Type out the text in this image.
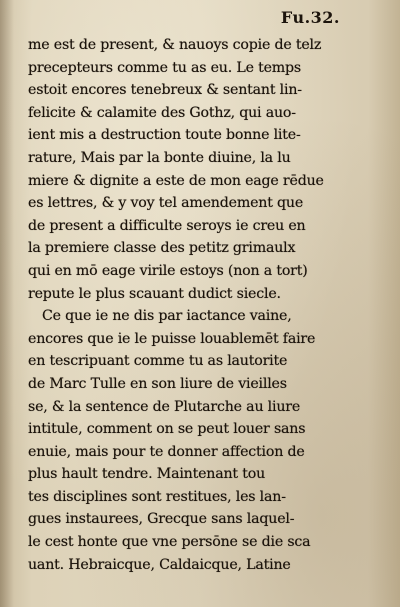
Fu.32.
me est de present, & nauoys copie de telz
precepteurs comme tu as eu. Le temps
estoit encores tenebreux & sentant lin-
felicite & calamite des Gothz, qui auo-
ient mis a destruction toute bonne lite-
rature, Mais par la bonte diuine, la lu
miere & dignite a este de mon eage rēdue
es lettres, & y voy tel amendement que
de present a difficulte seroys ie creu en
la premiere classe des petitz grimaulx
qui en mō eage virile estoys (non a tort)
repute le plus scauant dudict siecle.
Ce que ie ne dis par iactance vaine,
encores que ie le puisse louablemēt faire
en tescripuant comme tu as lautorite
de Marc Tulle en son liure de vieilles
se, & la sentence de Plutarche au liure
intitule, comment on se peut louer sans
enuie, mais pour te donner affection de
plus hault tendre. Maintenant tou
tes disciplines sont restitues, les lan-
gues instaurees, Grecque sans laquel-
le cest honte que vne persōne se die sca
uant. Hebraicque, Caldaicque, Latine
